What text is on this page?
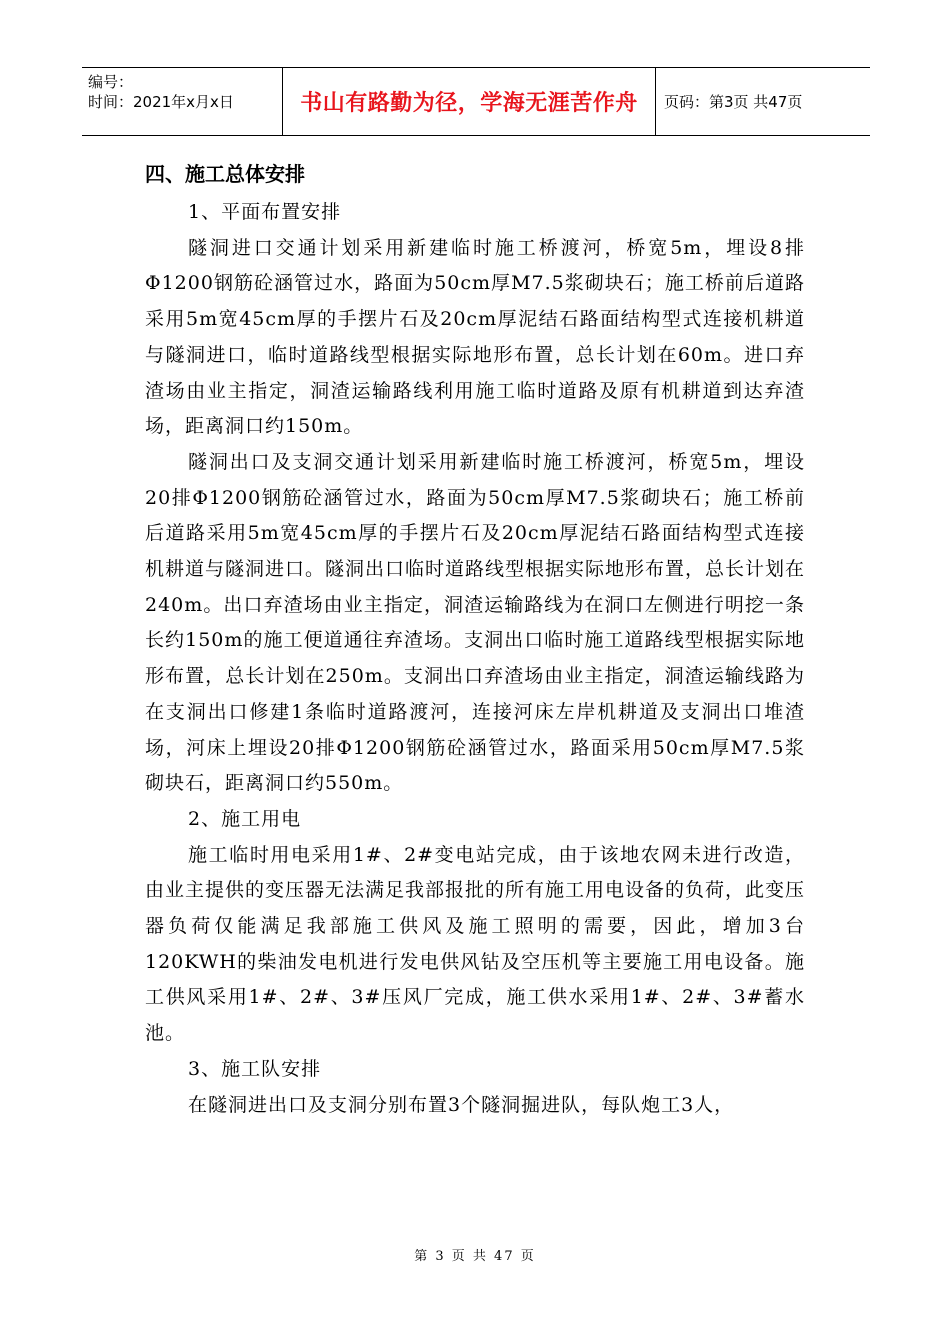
编号：
时间：2021年x月x日	书山有路勤为径，学海无涯苦作舟	页码：第3页 共47页
四、施工总体安排

1、平面布置安排

隧洞进口交通计划采用新建临时施工桥渡河，桥宽5m，埋设8排Φ1200钢筋砼涵管过水，路面为50cm厚M7.5浆砌块石；施工桥前后道路采用5m宽45cm厚的手摆片石及20cm厚泥结石路面结构型式连接机耕道与隧洞进口，临时道路线型根据实际地形布置，总长计划在60m。进口弃渣场由业主指定，洞渣运输路线利用施工临时道路及原有机耕道到达弃渣场，距离洞口约150m。

隧洞出口及支洞交通计划采用新建临时施工桥渡河，桥宽5m，埋设20排Φ1200钢筋砼涵管过水，路面为50cm厚M7.5浆砌块石；施工桥前后道路采用5m宽45cm厚的手摆片石及20cm厚泥结石路面结构型式连接机耕道与隧洞进口。隧洞出口临时道路线型根据实际地形布置，总长计划在240m。出口弃渣场由业主指定，洞渣运输路线为在洞口左侧进行明挖一条长约150m的施工便道通往弃渣场。支洞出口临时施工道路线型根据实际地形布置，总长计划在250m。支洞出口弃渣场由业主指定，洞渣运输线路为在支洞出口修建1条临时道路渡河，连接河床左岸机耕道及支洞出口堆渣场，河床上埋设20排Φ1200钢筋砼涵管过水，路面采用50cm厚M7.5浆砌块石，距离洞口约550m。

2、施工用电

施工临时用电采用1#、2#变电站完成，由于该地农网未进行改造，由业主提供的变压器无法满足我部报批的所有施工用电设备的负荷，此变压器负荷仅能满足我部施工供风及施工照明的需要，因此，增加3台120KWH的柴油发电机进行发电供风钻及空压机等主要施工用电设备。施工供风采用1#、2#、3#压风厂完成，施工供水采用1#、2#、3#蓄水池。

3、施工队安排

在隧洞进出口及支洞分别布置3个隧洞掘进队，每队炮工3人，

第 3 页 共 47 页
